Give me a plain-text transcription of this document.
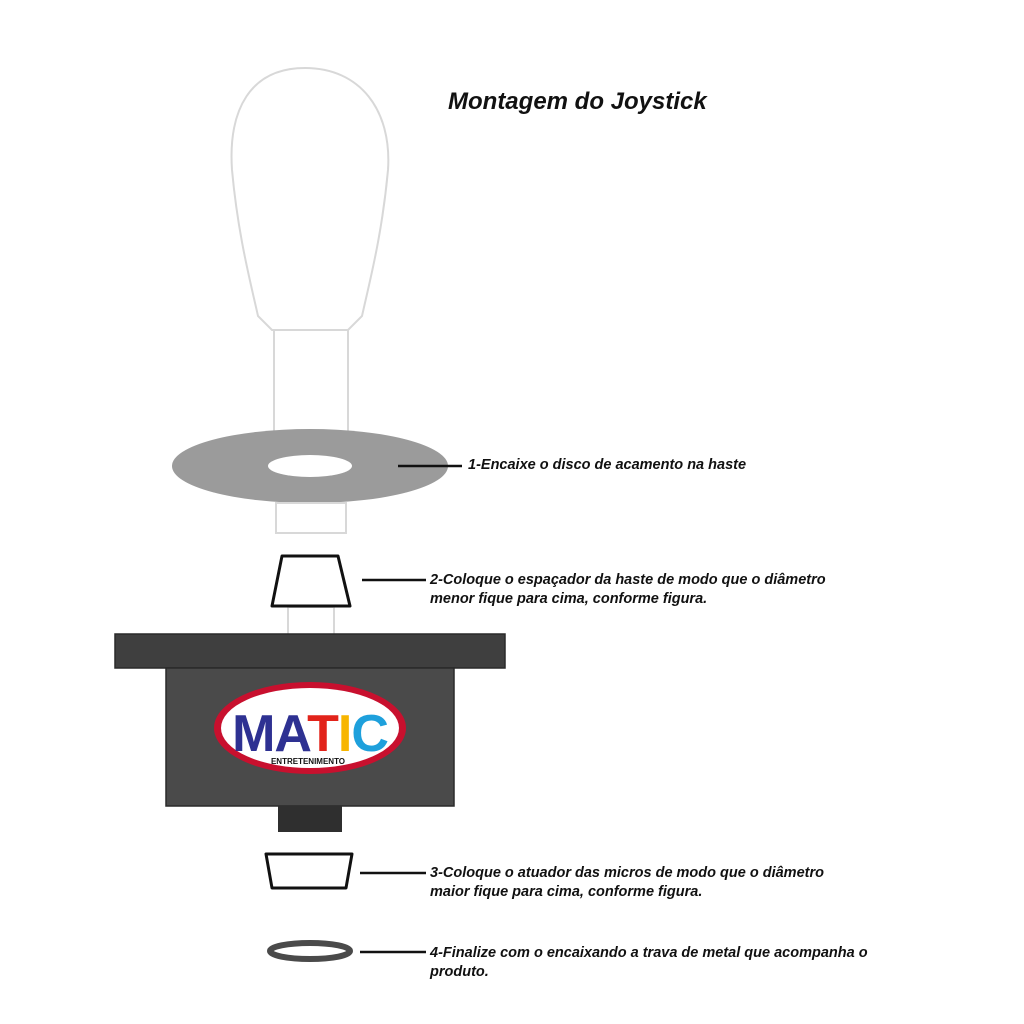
MATIC
ENTRETENIMENTO
Montagem do Joystick
1-Encaixe o disco de acamento na haste
2-Coloque o espaçador da haste de modo que o diâmetro
menor fique para cima, conforme figura.
3-Coloque o atuador das micros de modo que o diâmetro
maior fique para cima, conforme figura.
4-Finalize com o encaixando a trava de metal que acompanha o
produto.
